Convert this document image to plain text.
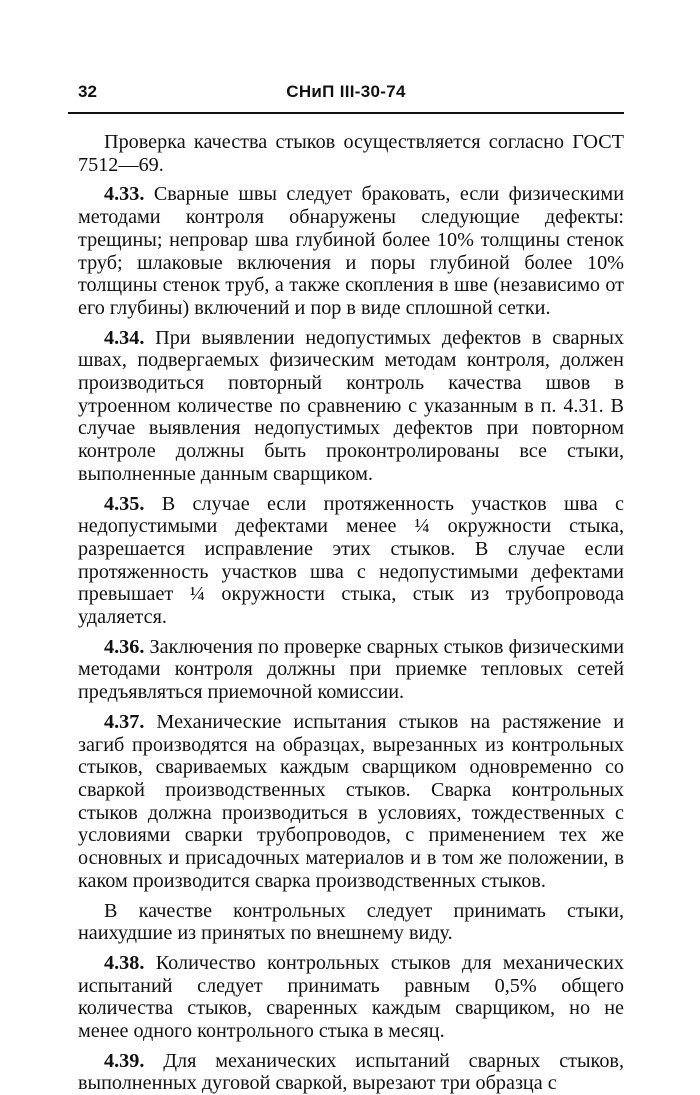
32	СНиП III-30-74

Проверка качества стыков осуществляется согласно ГОСТ 7512—69.

4.33. Сварные швы следует браковать, если физическими методами контроля обнаружены следующие дефекты: трещины; непровар шва глубиной более 10% толщины стенок труб; шлаковые включения и поры глубиной более 10% толщины стенок труб, а также скопления в шве (независимо от его глубины) включений и пор в виде сплошной сетки.

4.34. При выявлении недопустимых дефектов в сварных швах, подвергаемых физическим методам контроля, должен производиться повторный контроль качества швов в утроенном количестве по сравнению с указанным в п. 4.31. В случае выявления недопустимых дефектов при повторном контроле должны быть проконтролированы все стыки, выполненные данным сварщиком.

4.35. В случае если протяженность участков шва с недопустимыми дефектами менее ¼ окружности стыка, разрешается исправление этих стыков. В случае если протяженность участков шва с недопустимыми дефектами превышает ¼ окружности стыка, стык из трубопровода удаляется.

4.36. Заключения по проверке сварных стыков физическими методами контроля должны при приемке тепловых сетей предъявляться приемочной комиссии.

4.37. Механические испытания стыков на растяжение и загиб производятся на образцах, вырезанных из контрольных стыков, свариваемых каждым сварщиком одновременно со сваркой производственных стыков. Сварка контрольных стыков должна производиться в условиях, тождественных с условиями сварки трубопроводов, с применением тех же основных и присадочных материалов и в том же положении, в каком производится сварка производственных стыков.

В качестве контрольных следует принимать стыки, наихудшие из принятых по внешнему виду.

4.38. Количество контрольных стыков для механических испытаний следует принимать равным 0,5% общего количества стыков, сваренных каждым сварщиком, но не менее одного контрольного стыка в месяц.

4.39. Для механических испытаний сварных стыков, выполненных дуговой сваркой, вырезают три образца с
